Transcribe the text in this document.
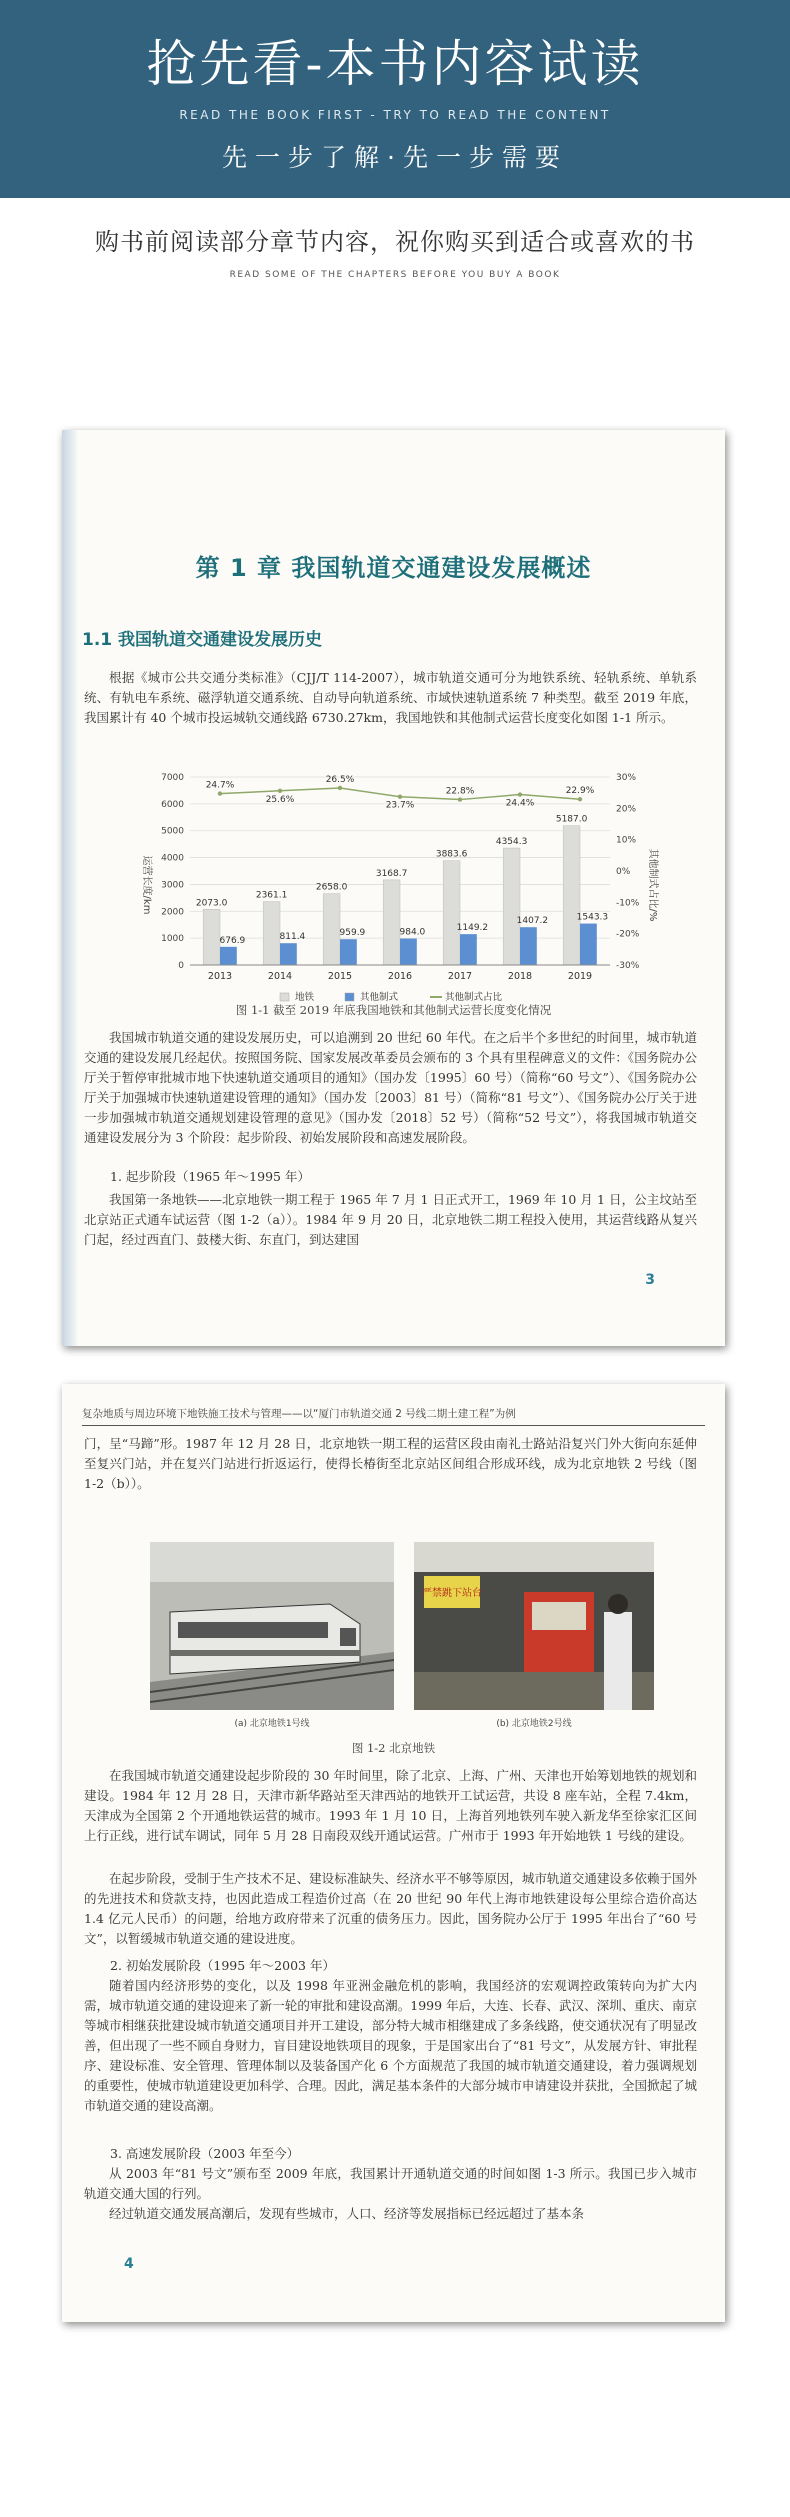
抢先看-本书内容试读
READ THE BOOK FIRST - TRY TO READ THE CONTENT
先一步了解·先一步需要
购书前阅读部分章节内容，祝你购买到适合或喜欢的书
READ SOME OF THE CHAPTERS BEFORE YOU BUY A BOOK
第 1 章 我国轨道交通建设发展概述
1.1 我国轨道交通建设发展历史
根据《城市公共交通分类标准》（CJJ/T 114-2007），城市轨道交通可分为地铁系统、轻轨系统、单轨系统、有轨电车系统、磁浮轨道交通系统、自动导向轨道系统、市域快速轨道系统 7 种类型。截至 2019 年底，我国累计有 40 个城市投运城轨交通线路 6730.27km，我国地铁和其他制式运营长度变化如图 1-1 所示。
0
1000
2000
3000
4000
5000
6000
7000
-30%
-20%
-10%
0%
10%
20%
30%
2073.0
676.9
2361.1
811.4
2658.0
959.9
3168.7
984.0
3883.6
1149.2
4354.3
1407.2
5187.0
1543.3
24.7%
25.6%
26.5%
23.7%
22.8%
24.4%
22.9%
2013	2014	2015	2016	2017	2018	2019
运营长度/km	其他制式占比/%
地铁	其他制式	其他制式占比
图 1-1 截至 2019 年底我国地铁和其他制式运营长度变化情况
我国城市轨道交通的建设发展历史，可以追溯到 20 世纪 60 年代。在之后半个多世纪的时间里，城市轨道交通的建设发展几经起伏。按照国务院、国家发展改革委员会颁布的 3 个具有里程碑意义的文件：《国务院办公厅关于暂停审批城市地下快速轨道交通项目的通知》（国办发〔1995〕60 号）（简称“60 号文”）、《国务院办公厅关于加强城市快速轨道建设管理的通知》（国办发〔2003〕81 号）（简称“81 号文”）、《国务院办公厅关于进一步加强城市轨道交通规划建设管理的意见》（国办发〔2018〕52 号）（简称“52 号文”），将我国城市轨道交通建设发展分为 3 个阶段：起步阶段、初始发展阶段和高速发展阶段。
1. 起步阶段（1965 年～1995 年）
我国第一条地铁——北京地铁一期工程于 1965 年 7 月 1 日正式开工，1969 年 10 月 1 日，公主坟站至北京站正式通车试运营（图 1-2（a））。1984 年 9 月 20 日，北京地铁二期工程投入使用，其运营线路从复兴门起，经过西直门、鼓楼大街、东直门，到达建国
3
复杂地质与周边环境下地铁施工技术与管理——以“厦门市轨道交通 2 号线二期土建工程”为例
门，呈“马蹄”形。1987 年 12 月 28 日，北京地铁一期工程的运营区段由南礼士路站沿复兴门外大街向东延伸至复兴门站，并在复兴门站进行折返运行，使得长椿街至北京站区间组合形成环线，成为北京地铁 2 号线（图 1-2（b））。
(a) 北京地铁1号线
严禁跳下站台
(b) 北京地铁2号线
图 1-2 北京地铁
在我国城市轨道交通建设起步阶段的 30 年时间里，除了北京、上海、广州、天津也开始筹划地铁的规划和建设。1984 年 12 月 28 日，天津市新华路站至天津西站的地铁开工试运营，共设 8 座车站，全程 7.4km，天津成为全国第 2 个开通地铁运营的城市。1993 年 1 月 10 日，上海首列地铁列车驶入新龙华至徐家汇区间上行正线，进行试车调试，同年 5 月 28 日南段双线开通试运营。广州市于 1993 年开始地铁 1 号线的建设。
在起步阶段，受制于生产技术不足、建设标准缺失、经济水平不够等原因，城市轨道交通建设多依赖于国外的先进技术和贷款支持，也因此造成工程造价过高（在 20 世纪 90 年代上海市地铁建设每公里综合造价高达 1.4 亿元人民币）的问题，给地方政府带来了沉重的债务压力。因此，国务院办公厅于 1995 年出台了“60 号文”，以暂缓城市轨道交通的建设进度。
2. 初始发展阶段（1995 年～2003 年）
随着国内经济形势的变化，以及 1998 年亚洲金融危机的影响，我国经济的宏观调控政策转向为扩大内需，城市轨道交通的建设迎来了新一轮的审批和建设高潮。1999 年后，大连、长春、武汉、深圳、重庆、南京等城市相继获批建设城市轨道交通项目并开工建设，部分特大城市相继建成了多条线路，使交通状况有了明显改善，但出现了一些不顾自身财力，盲目建设地铁项目的现象，于是国家出台了“81 号文”，从发展方针、审批程序、建设标准、安全管理、管理体制以及装备国产化 6 个方面规范了我国的城市轨道交通建设，着力强调规划的重要性，使城市轨道建设更加科学、合理。因此，满足基本条件的大部分城市申请建设并获批，全国掀起了城市轨道交通的建设高潮。
3. 高速发展阶段（2003 年至今）
从 2003 年“81 号文”颁布至 2009 年底，我国累计开通轨道交通的时间如图 1-3 所示。我国已步入城市轨道交通大国的行列。
经过轨道交通发展高潮后，发现有些城市，人口、经济等发展指标已经远超过了基本条
4
